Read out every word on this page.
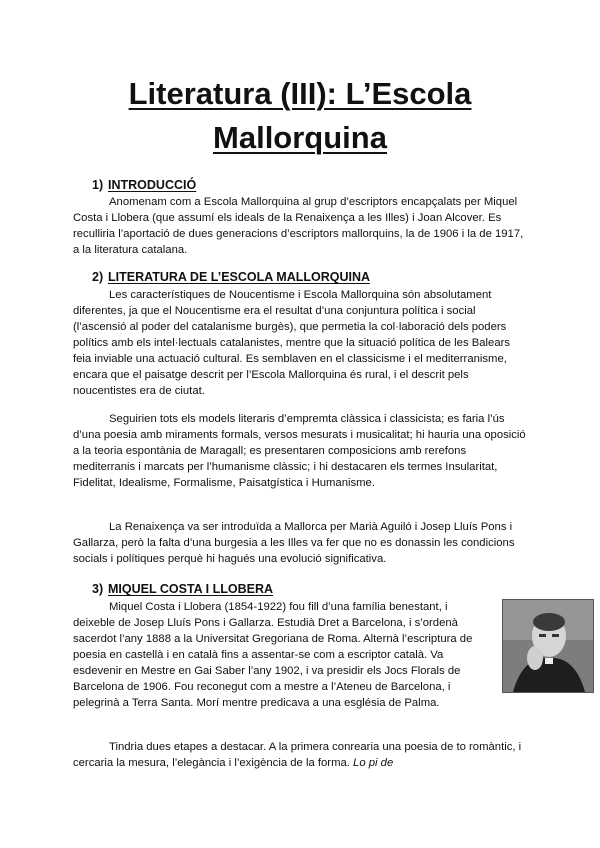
Literatura (III): L’Escola Mallorquina
1) INTRODUCCIÓ

Anomenam com a Escola Mallorquina al grup d’escriptors encapçalats per Miquel Costa i Llobera (que assumí els ideals de la Renaixença a les Illes) i Joan Alcover. Es reculliria l’aportació de dues generacions d’escriptors mallorquins, la de 1906 i la de 1917, a la literatura catalana.

2) LITERATURA DE L’ESCOLA MALLORQUINA

Les característiques de Noucentisme i Escola Mallorquina són absolutament diferentes, ja que el Noucentisme era el resultat d’una conjuntura política i social (l’ascensió al poder del catalanisme burgès), que permetia la col·laboració dels poders polítics amb els intel·lectuals catalanistes, mentre que la situació política de les Balears feia inviable una actuació cultural. Es semblaven en el classicisme i el mediterranisme, encara que el paisatge descrit per l’Escola Mallorquina és rural, i el descrit pels noucentistes era de ciutat.

Seguirien tots els models literaris d’empremta clàssica i classicista; es faria l’ús d’una poesia amb miraments formals, versos mesurats i musicalitat; hi hauria una oposició a la teoria espontània de Maragall; es presentaren composicions amb rerefons mediterranis i marcats per l’humanisme clàssic; i hi destacaren els termes Insularitat, Fidelitat, Idealisme, Formalisme, Paisatgística i Humanisme.

La Renaixença va ser introduïda a Mallorca per Marià Aguiló i Josep Lluís Pons i Gallarza, però la falta d’una burgesia a les Illes va fer que no es donassin les condicions socials i polítiques perquè hi hagués una evolució significativa.

3) MIQUEL COSTA I LLOBERA

Miquel Costa i Llobera (1854-1922) fou fill d’una família benestant, i deixeble de Josep Lluís Pons i Gallarza. Estudià Dret a Barcelona, i s’ordenà sacerdot l’any 1888 a la Universitat Gregoriana de Roma. Alternà l’escriptura de poesia en castellà i en català fins a assentar-se com a escriptor català. Va esdevenir en Mestre en Gai Saber l’any 1902, i va presidir els Jocs Florals de Barcelona de 1906. Fou reconegut com a mestre a l’Ateneu de Barcelona, i pelegrinà a Terra Santa. Morí mentre predicava a una església de Palma.

Tindria dues etapes a destacar. A la primera conrearia una poesia de to romàntic, i cercaria la mesura, l’elegància i l’exigència de la forma. Lo pi de
